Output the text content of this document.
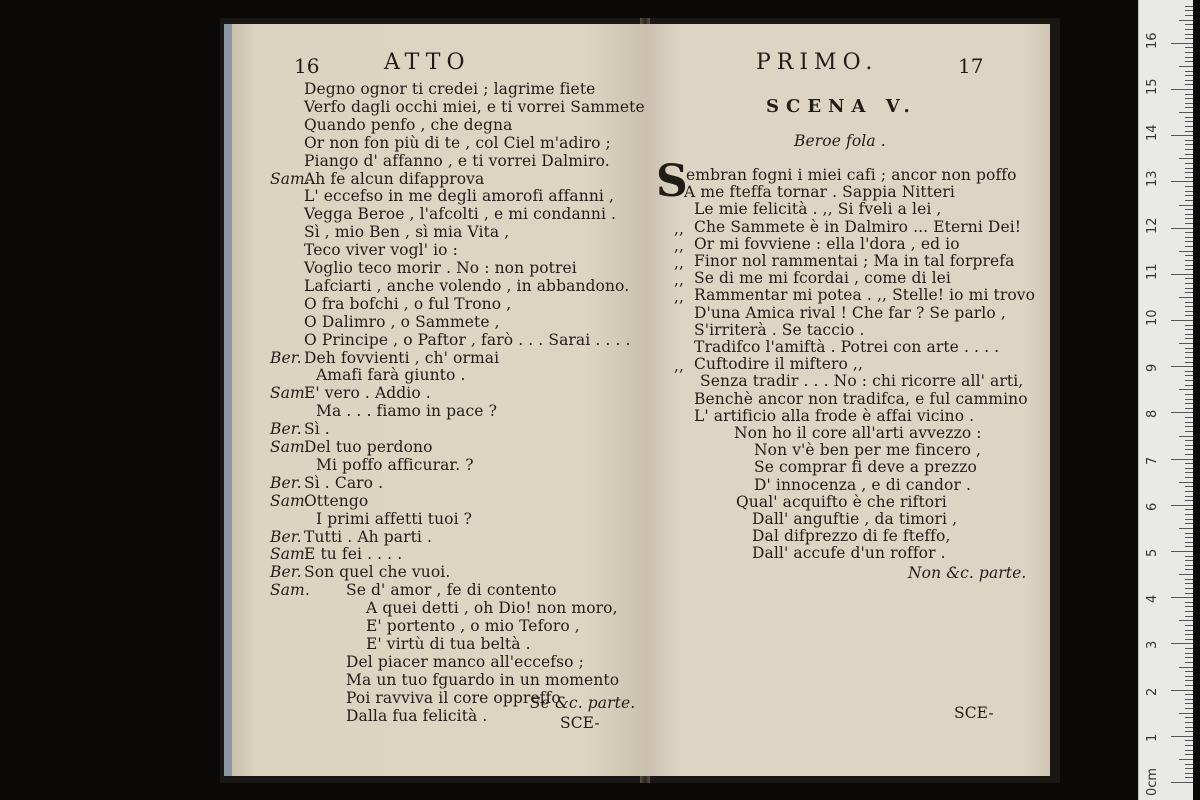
16	ATTO
Degno ognor ti credei ; lagrime fiete
Verfo dagli occhi miei, e ti vorrei Sammete
Quando penfo , che degna
Or non fon più di te , col Ciel m'adiro ;
Piango d' affanno , e ti vorrei Dalmiro.
Sam.
Ah fe alcun difapprova
L' eccefso in me degli amorofi affanni ,
Vegga Beroe , l'afcolti , e mi condanni .
Sì , mio Ben , sì mia Vita ,
Teco viver vogl' io :
Voglio teco morir . No : non potrei
Lafciarti , anche volendo , in abbandono.
O fra bofchi , o ful Trono ,
O Dalimro , o Sammete ,
O Principe , o Paftor , farò . . . Sarai . . . .
Ber. Deh fovvienti , ch' ormai
Amafi farà giunto .
Sam.
E' vero . Addio .
Ma . . . fiamo in pace ?
Ber. Sì .
Sam.
Del tuo perdono
Mi poffo afficurar. ?
Ber. Sì . Caro .
Sam.
Ottengo
I primi affetti tuoi ?
Ber. Tutti . Ah parti .
Sam.
E tu fei . . . .
Ber. Son quel che vuoi.
Sam. Se d' amor , fe di contento
A quei detti , oh Dio! non moro,
E' portento , o mio Teforo ,
E' virtù di tua beltà .
Del piacer manco all'eccefso ;
Ma un tuo fguardo in un momento
Poi ravviva il core oppreffo
Dalla fua felicità .
Se &c. parte.
SCE-
PRIMO.	17
SCENA V.
Beroe fola .
S
embran fogni i miei cafi ; ancor non poffo
A me fteffa tornar . Sappia Nitteri
Le mie felicità . ,, Si fveli a lei ,
,, Che Sammete è in Dalmiro ... Eterni Dei!
,, Or mi fovviene : ella l'dora , ed io
,, Finor nol rammentai ; Ma in tal forprefa
,, Se di me mi fcordai , come di lei
,, Rammentar mi potea . ,, Stelle! io mi trovo
D'una Amica rival ! Che far ? Se parlo ,
S'irriterà . Se taccio .
Tradifco l'amiftà . Potrei con arte . . . .
,, Cuftodire il miftero ,,
Senza tradir . . . No : chi ricorre all' arti,
Benchè ancor non tradifca, e ful cammino
L' artificio alla frode è affai vicino .
Non ho il core all'arti avvezzo :
Non v'è ben per me fincero ,
Se comprar fi deve a prezzo
D' innocenza , e di candor .
Qual' acquifto è che riftori
Dall' anguftie , da timori ,
Dal difprezzo di fe fteffo,
Dall' accufe d'un roffor .
Non &c. parte.
SCE-
0cm
1
2
3
4
5
6
7
8
9
10
11
12
13
14
15
16
